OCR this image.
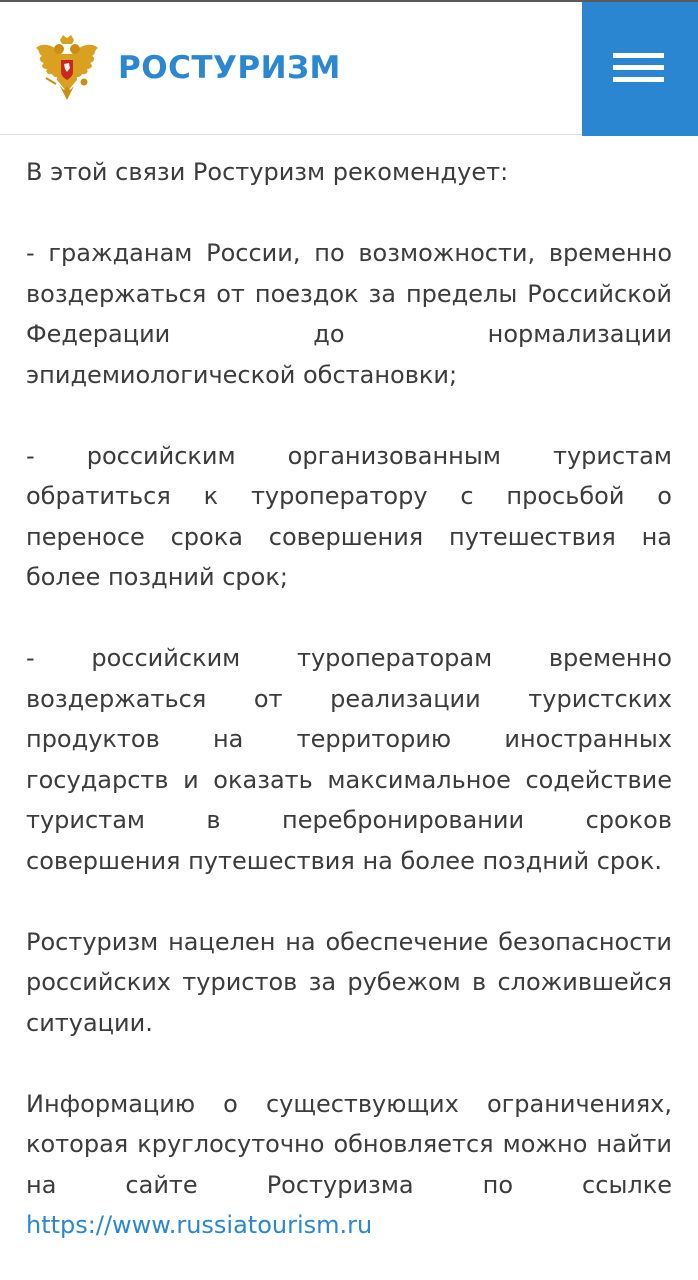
РОСТУРИЗМ

В этой связи Ростуризм рекомендует:

- гражданам России, по возможности, временно воздержаться от поездок за пределы Российской Федерации до нормализации эпидемиологической обстановки;

- российским организованным туристам обратиться к туроператору с просьбой о переносе срока совершения путешествия на более поздний срок;

- российским туроператорам временно воздержаться от реализации туристских продуктов на территорию иностранных государств и оказать максимальное содействие туристам в перебронировании сроков совершения путешествия на более поздний срок.

Ростуризм нацелен на обеспечение безопасности российских туристов за рубежом в сложившейся ситуации.

Информацию о существующих ограничениях, которая круглосуточно обновляется можно найти на сайте Ростуризма по ссылке

https://www.russiatourism.ru
